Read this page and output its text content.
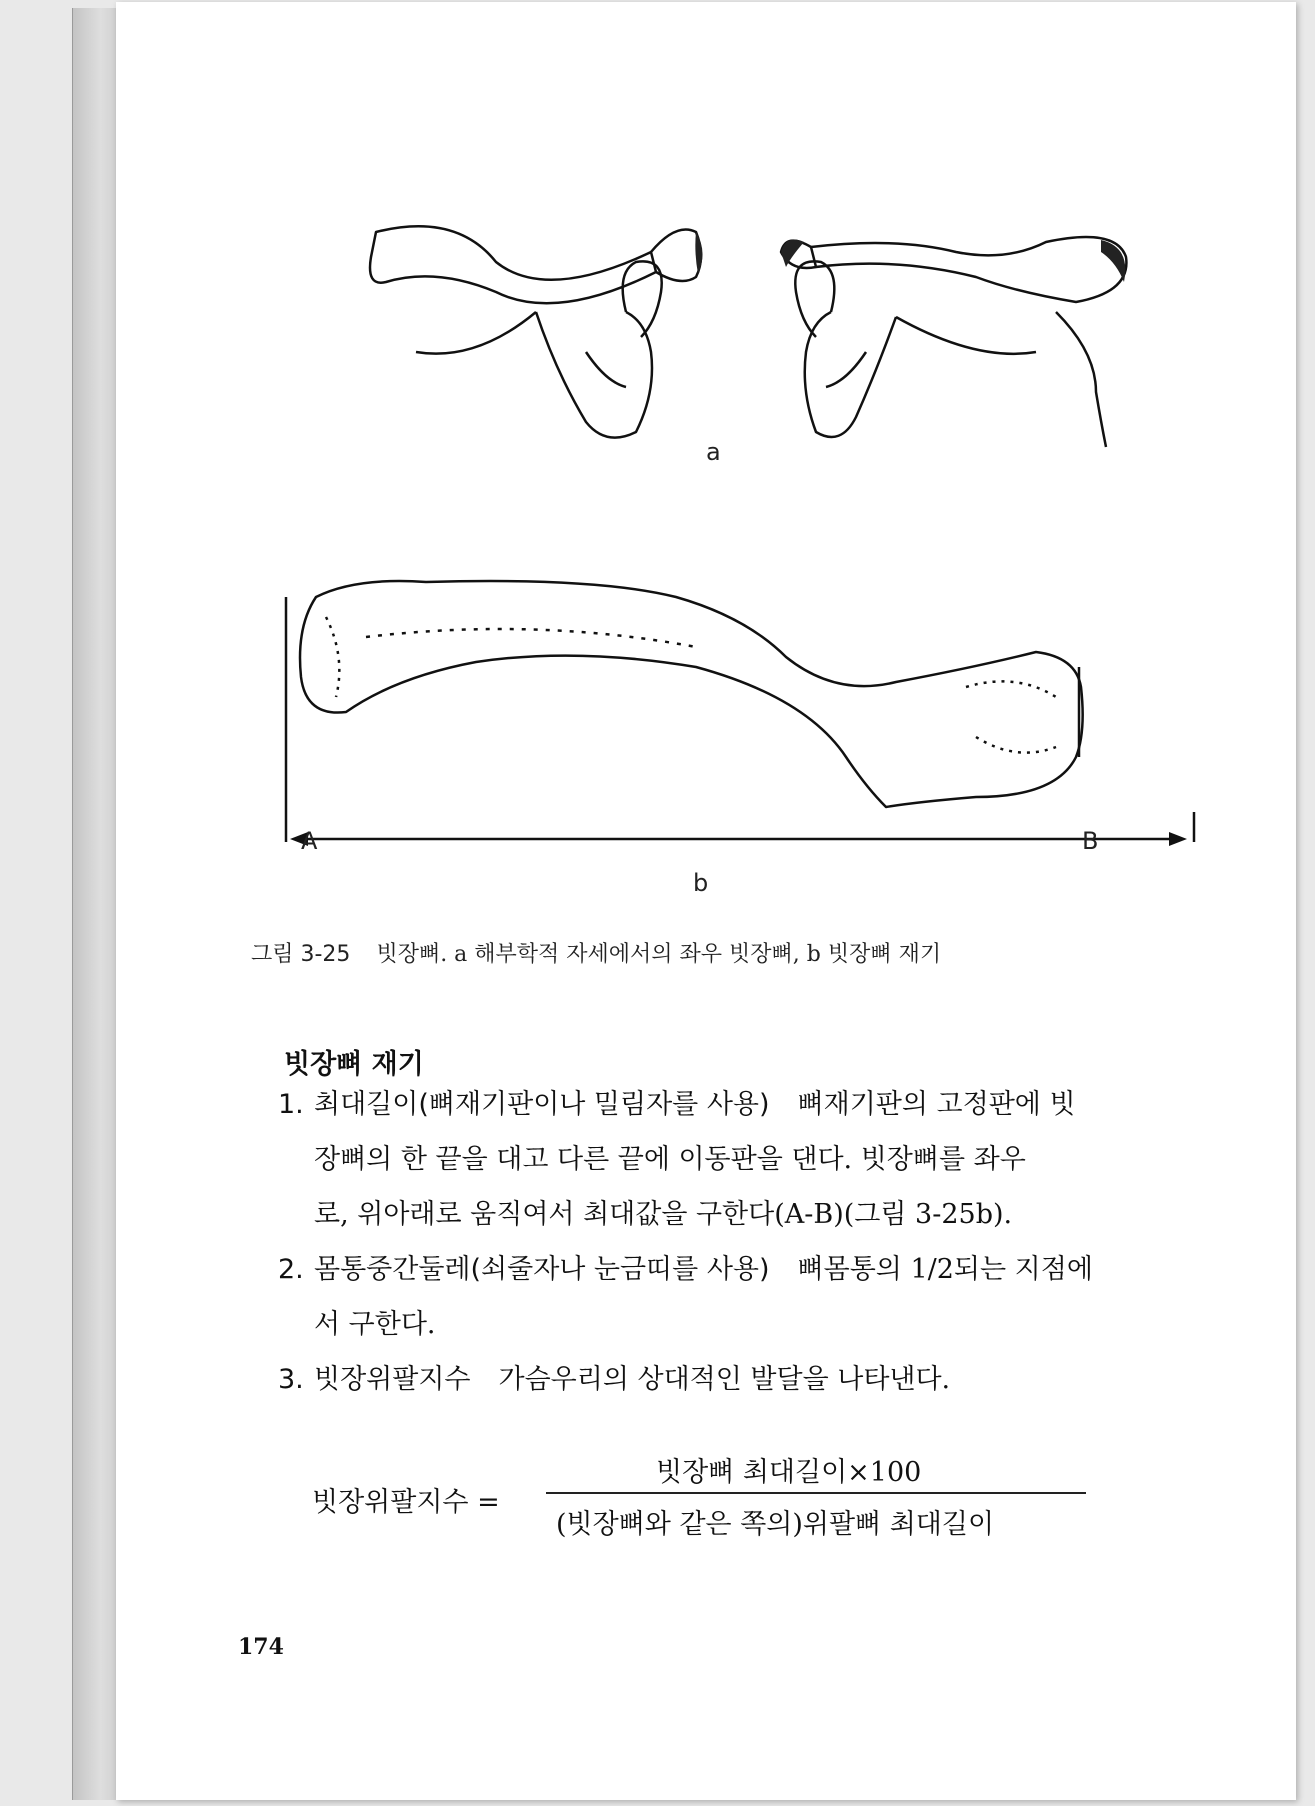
a
A	B
b
그림 3-25 빗장뼈. a 해부학적 자세에서의 좌우 빗장뼈, b 빗장뼈 재기
빗장뼈 재기
1. 최대길이(뼈재기판이나 밀림자를 사용) 뼈재기판의 고정판에 빗
장뼈의 한 끝을 대고 다른 끝에 이동판을 댄다. 빗장뼈를 좌우
로, 위아래로 움직여서 최대값을 구한다(A-B)(그림 3-25b).
2. 몸통중간둘레(쇠줄자나 눈금띠를 사용) 뼈몸통의 1/2되는 지점에
서 구한다.
3. 빗장위팔지수 가슴우리의 상대적인 발달을 나타낸다.
빗장위팔지수 =
빗장뼈 최대길이×100
(빗장뼈와 같은 쪽의)위팔뼈 최대길이
174
